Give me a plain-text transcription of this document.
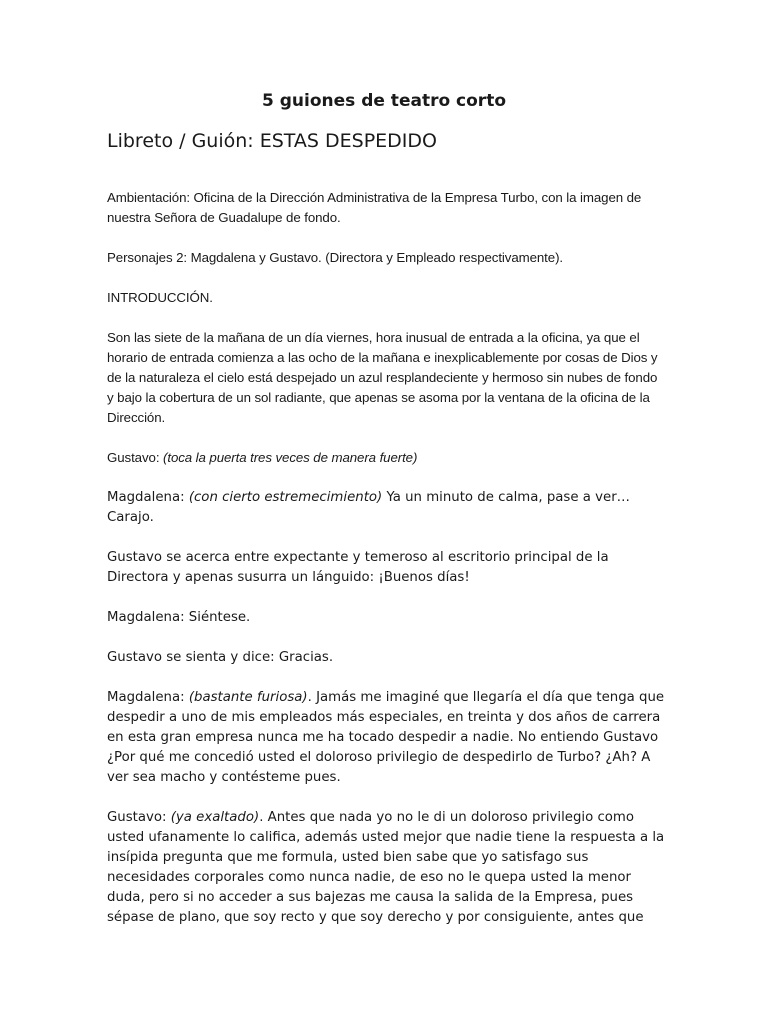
5 guiones de teatro corto
Libreto / Guión: ESTAS DESPEDIDO

Ambientación: Oficina de la Dirección Administrativa de la Empresa Turbo, con la imagen de
nuestra Señora de Guadalupe de fondo.

Personajes 2: Magdalena y Gustavo. (Directora y Empleado respectivamente).

INTRODUCCIÓN.

Son las siete de la mañana de un día viernes, hora inusual de entrada a la oficina, ya que el
horario de entrada comienza a las ocho de la mañana e inexplicablemente por cosas de Dios y
de la naturaleza el cielo está despejado un azul resplandeciente y hermoso sin nubes de fondo
y bajo la cobertura de un sol radiante, que apenas se asoma por la ventana de la oficina de la
Dirección.

Gustavo: (toca la puerta tres veces de manera fuerte)

Magdalena: (con cierto estremecimiento) Ya un minuto de calma, pase a ver…
Carajo.

Gustavo se acerca entre expectante y temeroso al escritorio principal de la
Directora y apenas susurra un lánguido: ¡Buenos días!

Magdalena: Siéntese.

Gustavo se sienta y dice: Gracias.

Magdalena: (bastante furiosa). Jamás me imaginé que llegaría el día que tenga que
despedir a uno de mis empleados más especiales, en treinta y dos años de carrera
en esta gran empresa nunca me ha tocado despedir a nadie. No entiendo Gustavo
¿Por qué me concedió usted el doloroso privilegio de despedirlo de Turbo? ¿Ah? A
ver sea macho y contésteme pues.

Gustavo: (ya exaltado). Antes que nada yo no le di un doloroso privilegio como
usted ufanamente lo califica, además usted mejor que nadie tiene la respuesta a la
insípida pregunta que me formula, usted bien sabe que yo satisfago sus
necesidades corporales como nunca nadie, de eso no le quepa usted la menor
duda, pero si no acceder a sus bajezas me causa la salida de la Empresa, pues
sépase de plano, que soy recto y que soy derecho y por consiguiente, antes que
